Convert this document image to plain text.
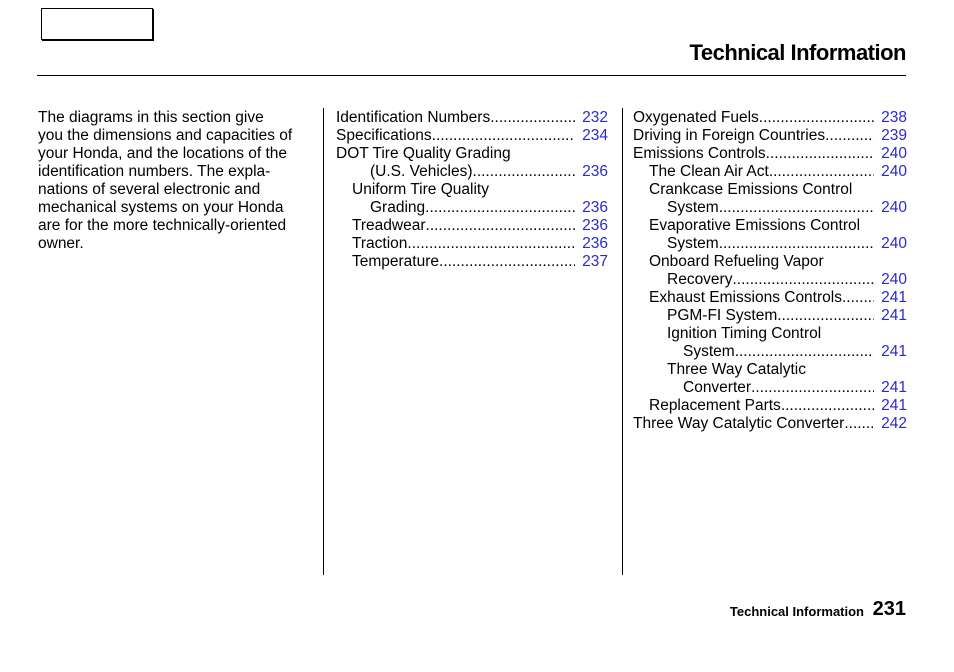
Technical Information
The diagrams in this section give
you the dimensions and capacities of
your Honda, and the locations of the
identification numbers. The expla-
nations of several electronic and
mechanical systems on your Honda
are for the more technically-oriented
owner.
Identification Numbers .....	232
Specifications .....	234
DOT Tire Quality Grading
(U.S. Vehicles) .....	236
Uniform Tire Quality
Grading .....	236
Treadwear .....	236
Traction .....	236
Temperature .....	237
Oxygenated Fuels .....	238
Driving in Foreign Countries .....	239
Emissions Controls .....	240
The Clean Air Act .....	240
Crankcase Emissions Control
System .....	240
Evaporative Emissions Control
System .....	240
Onboard Refueling Vapor
Recovery .....	240
Exhaust Emissions Controls .....	241
PGM-FI System .....	241
Ignition Timing Control
System .....	241
Three Way Catalytic
Converter .....	241
Replacement Parts .....	241
Three Way Catalytic Converter .....	242
Technical Information 231
